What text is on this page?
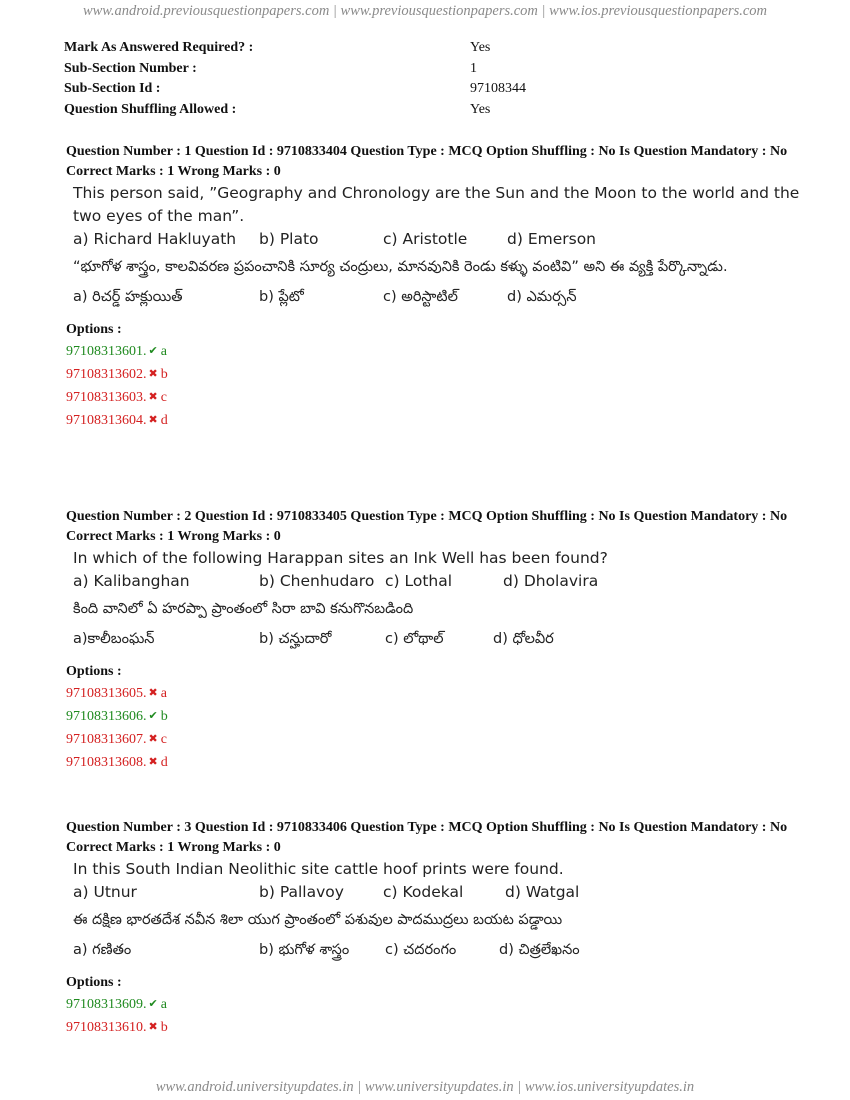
www.android.previousquestionpapers.com | www.previousquestionpapers.com | www.ios.previousquestionpapers.com
Mark As Answered Required? :	Yes
Sub-Section Number :	1
Sub-Section Id :	97108344
Question Shuffling Allowed :	Yes
Question Number : 1 Question Id : 9710833404 Question Type : MCQ Option Shuffling : No Is Question Mandatory : No
Correct Marks : 1 Wrong Marks : 0
This person said, ”Geography and Chronology are the Sun and the Moon to the world and the two eyes of the man”.
a) Richard Hakluyath	b) Plato	c) Aristotle	d) Emerson
“భూగోళ శాస్త్రం, కాలవివరణ ప్రపంచానికి సూర్య చంద్రులు, మానవునికి రెండు కళ్ళు వంటివి” అని ఈ వ్యక్తి పేర్కొన్నాడు.
a) రిచర్డ్ హక్లుయిత్	b) ప్లేటో	c) అరిస్టాటిల్	d) ఎమర్సన్
Options :
97108313601. ✔ a
97108313602. ✖ b
97108313603. ✖ c
97108313604. ✖ d
Question Number : 2 Question Id : 9710833405 Question Type : MCQ Option Shuffling : No Is Question Mandatory : No
Correct Marks : 1 Wrong Marks : 0
In which of the following Harappan sites an Ink Well has been found?
a) Kalibanghan	b) Chenhudaro c) Lothal	d) Dholavira
కింది వానిలో ఏ హరప్పా ప్రాంతంలో సిరా బావి కనుగొనబడింది
a)కాలీబంఘన్	b) చన్హుదారో	c) లోథాల్	d) ధోలవీర
Options :
97108313605. ✖ a
97108313606. ✔ b
97108313607. ✖ c
97108313608. ✖ d
Question Number : 3 Question Id : 9710833406 Question Type : MCQ Option Shuffling : No Is Question Mandatory : No
Correct Marks : 1 Wrong Marks : 0
In this South Indian Neolithic site cattle hoof prints were found.
a) Utnur	b) Pallavoy	c) Kodekal	d) Watgal
ఈ దక్షిణ భారతదేశ నవీన శిలా యుగ ప్రాంతంలో పశువుల పాదముద్రలు బయట పడ్డాయి
a) గణితం	b) భుగోళ శాస్త్రం	c) చదరంగం	d) చిత్రలేఖనం
Options :
97108313609. ✔ a
97108313610. ✖ b
www.android.universityupdates.in | www.universityupdates.in | www.ios.universityupdates.in
